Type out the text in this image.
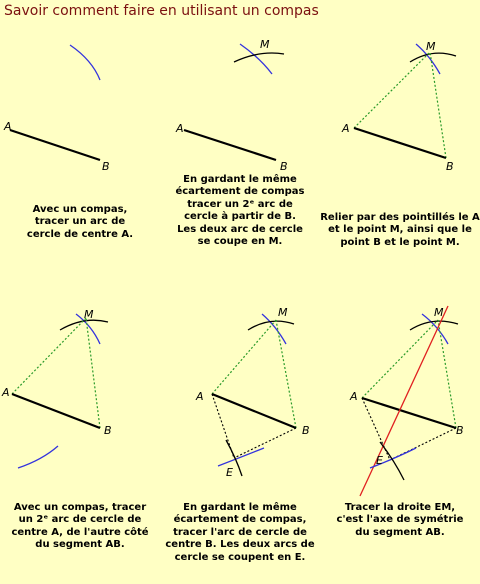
Savoir comment faire en utilisant un compas
A
B
Avec un compas,
tracer un arc de
cercle de centre A.
M
A
B
En gardant le même
écartement de compas
tracer un 2ᵉ arc de
cercle à partir de B.
Les deux arc de cercle
se coupe en M.
M
A
B
Relier par des pointillés le A
et le point M, ainsi que le
point B et le point M.
M
A
B
Avec un compas, tracer
un 2ᵉ arc de cercle de
centre A, de l'autre côté
du segment AB.
M
A
B
E
En gardant le même
écartement de compas,
tracer l'arc de cercle de
centre B. Les deux arcs de
cercle se coupent en E.
M
A
B
E
Tracer la droite EM,
c'est l'axe de symétrie
du segment AB.
